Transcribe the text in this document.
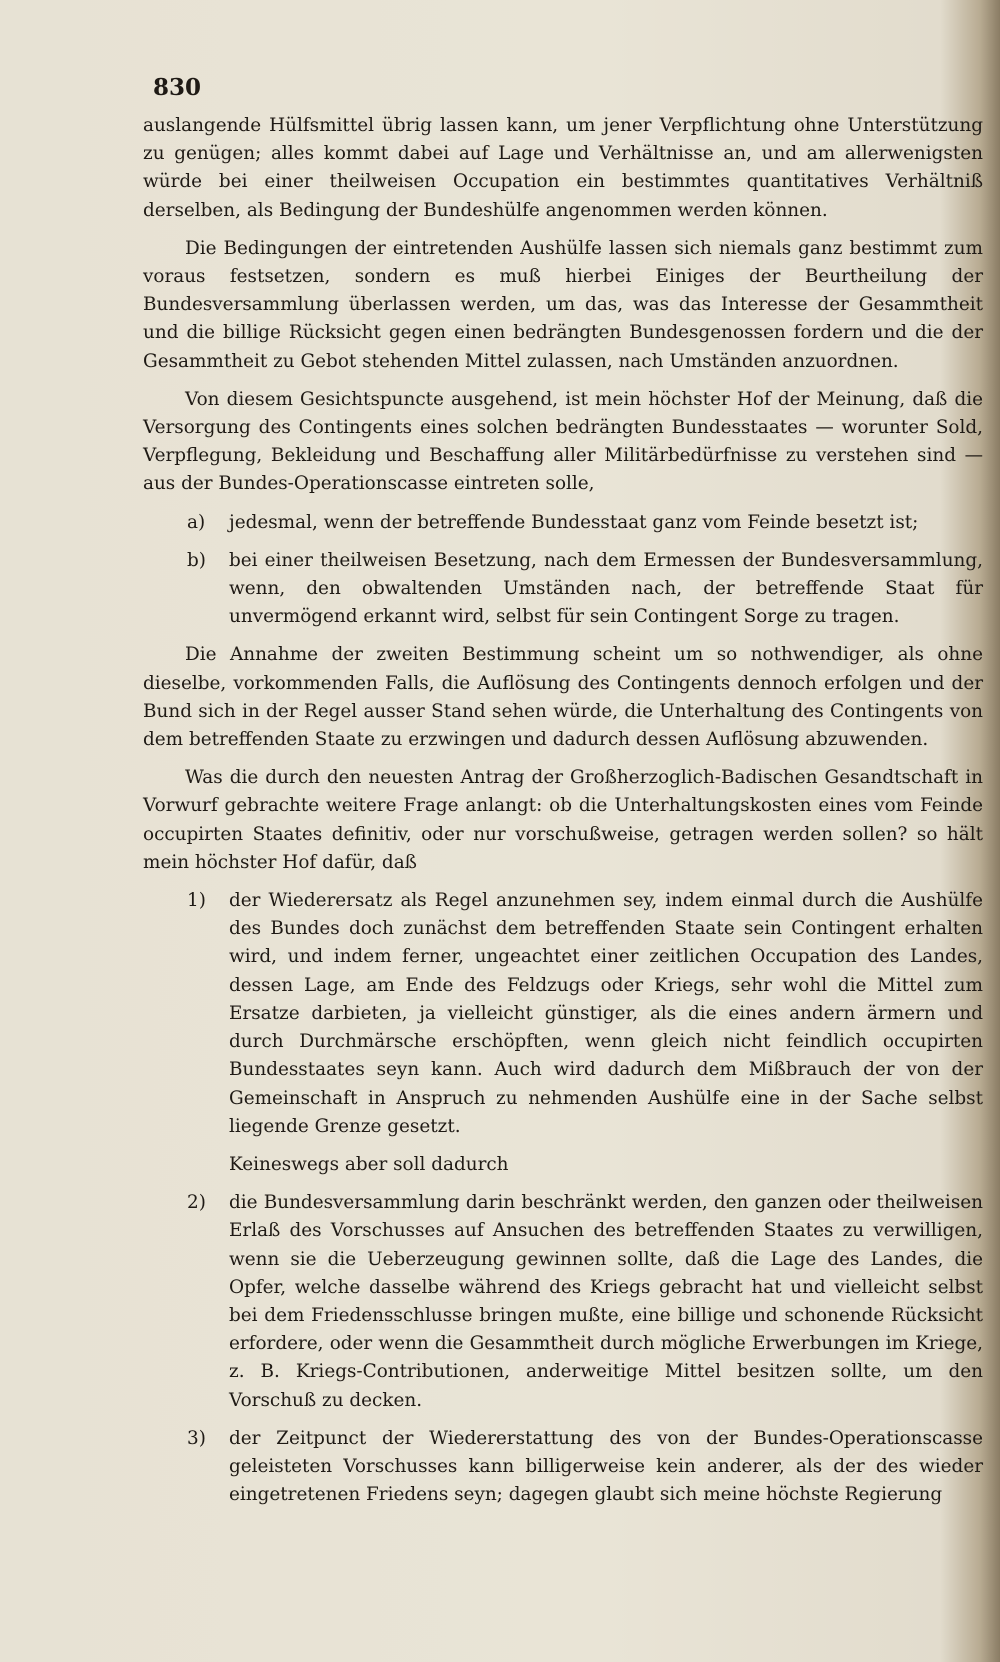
830

auslangende Hülfsmittel übrig lassen kann, um jener Verpflichtung ohne Unterstützung zu genügen; alles kommt dabei auf Lage und Verhältnisse an, und am allerwenigsten würde bei einer theilweisen Occupation ein bestimmtes quantitatives Verhältniß derselben, als Bedingung der Bundeshülfe angenommen werden können.

Die Bedingungen der eintretenden Aushülfe lassen sich niemals ganz bestimmt zum voraus festsetzen, sondern es muß hierbei Einiges der Beurtheilung der Bundesversammlung überlassen werden, um das, was das Interesse der Gesammtheit und die billige Rücksicht gegen einen bedrängten Bundesgenossen fordern und die der Gesammtheit zu Gebot stehenden Mittel zulassen, nach Umständen anzuordnen.

Von diesem Gesichtspuncte ausgehend, ist mein höchster Hof der Meinung, daß die Versorgung des Contingents eines solchen bedrängten Bundesstaates — worunter Sold, Verpflegung, Bekleidung und Beschaffung aller Militärbedürfnisse zu verstehen sind — aus der Bundes-Operationscasse eintreten solle,

a)	jedesmal, wenn der betreffende Bundesstaat ganz vom Feinde besetzt ist;
b)	bei einer theilweisen Besetzung, nach dem Ermessen der Bundesversammlung, wenn, den obwaltenden Umständen nach, der betreffende Staat für unvermögend erkannt wird, selbst für sein Contingent Sorge zu tragen.

Die Annahme der zweiten Bestimmung scheint um so nothwendiger, als ohne dieselbe, vorkommenden Falls, die Auflösung des Contingents dennoch erfolgen und der Bund sich in der Regel ausser Stand sehen würde, die Unterhaltung des Contingents von dem betreffenden Staate zu erzwingen und dadurch dessen Auflösung abzuwenden.

Was die durch den neuesten Antrag der Großherzoglich-Badischen Gesandtschaft in Vorwurf gebrachte weitere Frage anlangt: ob die Unterhaltungskosten eines vom Feinde occupirten Staates definitiv, oder nur vorschußweise, getragen werden sollen? so hält mein höchster Hof dafür, daß

1)	der Wiederersatz als Regel anzunehmen sey, indem einmal durch die Aushülfe des Bundes doch zunächst dem betreffenden Staate sein Contingent erhalten wird, und indem ferner, ungeachtet einer zeitlichen Occupation des Landes, dessen Lage, am Ende des Feldzugs oder Kriegs, sehr wohl die Mittel zum Ersatze darbieten, ja vielleicht günstiger, als die eines andern ärmern und durch Durchmärsche erschöpften, wenn gleich nicht feindlich occupirten Bundesstaates seyn kann. Auch wird dadurch dem Mißbrauch der von der Gemeinschaft in Anspruch zu nehmenden Aushülfe eine in der Sache selbst liegende Grenze gesetzt.

Keineswegs aber soll dadurch

2)	die Bundesversammlung darin beschränkt werden, den ganzen oder theilweisen Erlaß des Vorschusses auf Ansuchen des betreffenden Staates zu verwilligen, wenn sie die Ueberzeugung gewinnen sollte, daß die Lage des Landes, die Opfer, welche dasselbe während des Kriegs gebracht hat und vielleicht selbst bei dem Friedensschlusse bringen mußte, eine billige und schonende Rücksicht erfordere, oder wenn die Gesammtheit durch mögliche Erwerbungen im Kriege, z. B. Kriegs-Contributionen, anderweitige Mittel besitzen sollte, um den Vorschuß zu decken.
3)	der Zeitpunct der Wiedererstattung des von der Bundes-Operationscasse geleisteten Vorschusses kann billigerweise kein anderer, als der des wieder eingetretenen Friedens seyn; dagegen glaubt sich meine höchste Regierung
